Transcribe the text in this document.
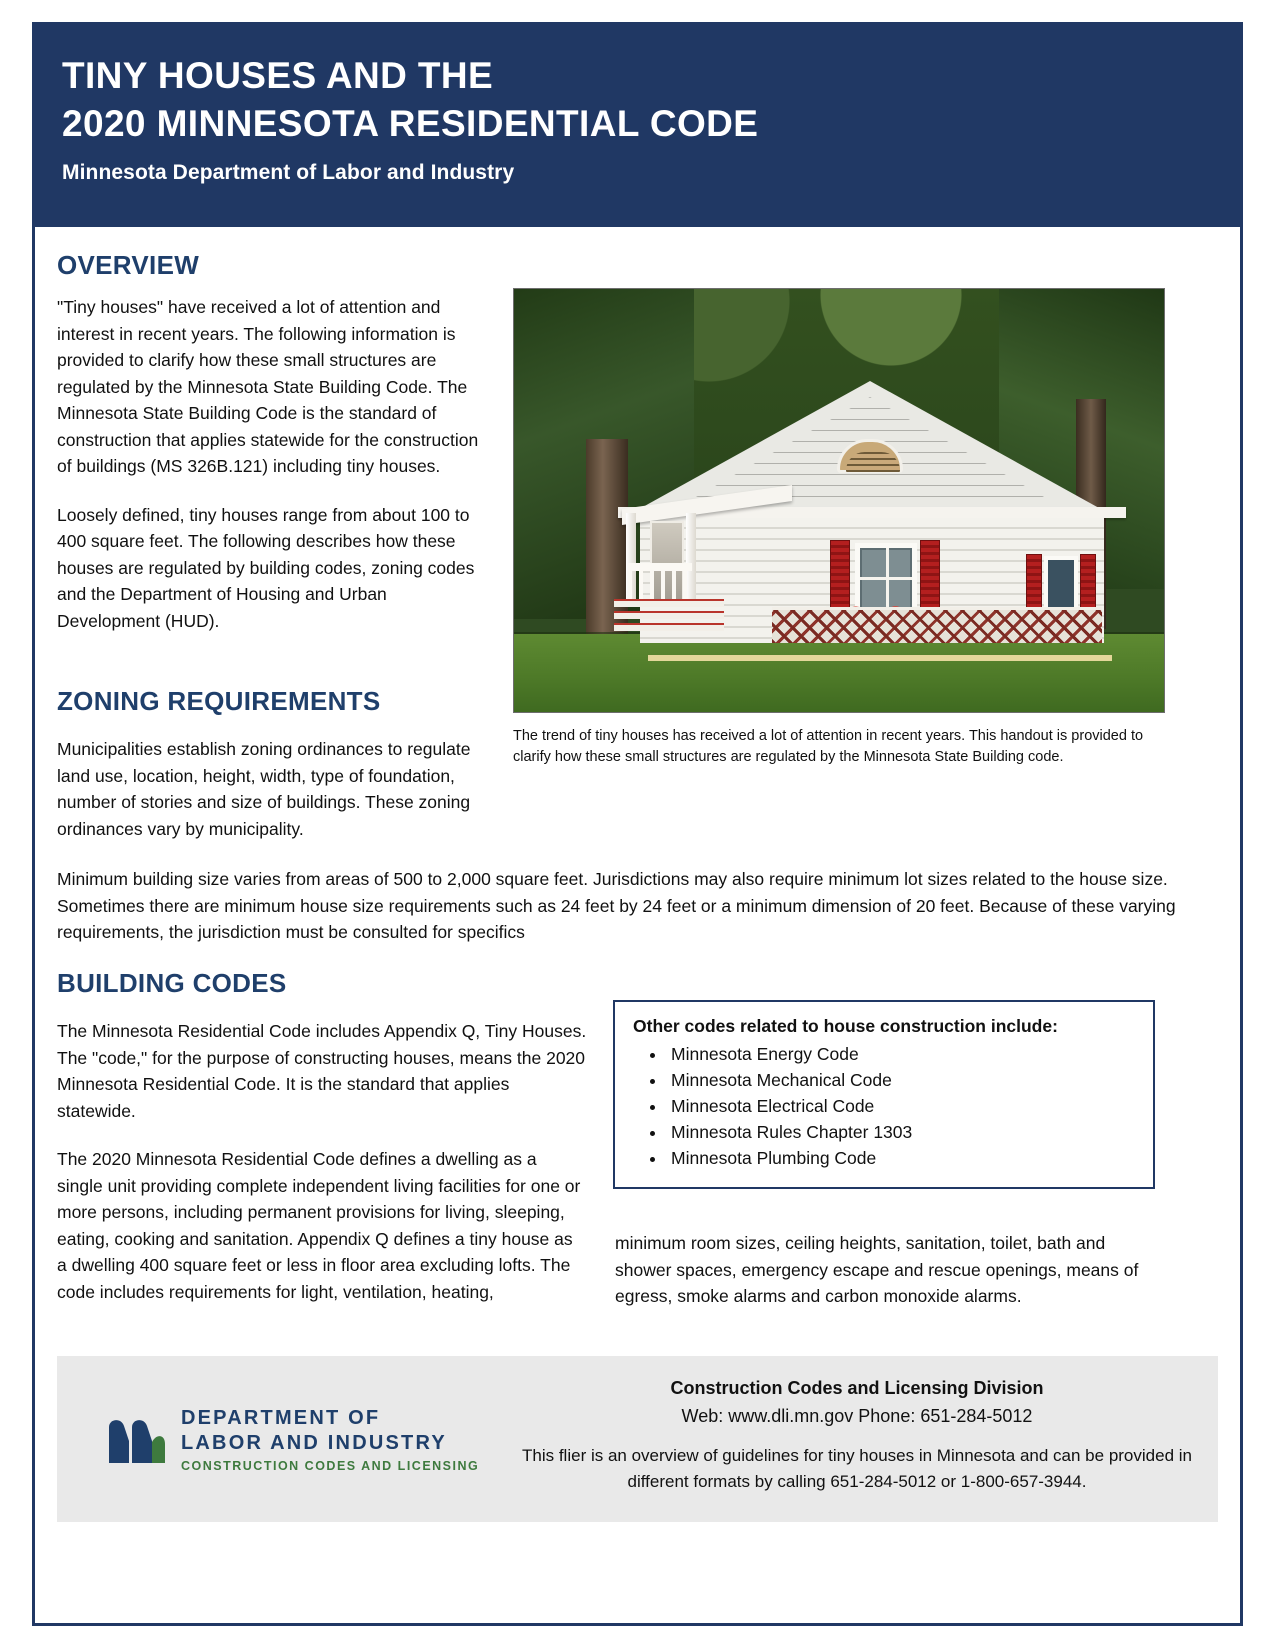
TINY HOUSES AND THE
2020 MINNESOTA RESIDENTIAL CODE
Minnesota Department of Labor and Industry
OVERVIEW

"Tiny houses" have received a lot of attention and interest in recent years. The following information is provided to clarify how these small structures are regulated by the Minnesota State Building Code. The Minnesota State Building Code is the standard of construction that applies statewide for the construction of buildings (MS 326B.121) including tiny houses.

Loosely defined, tiny houses range from about 100 to 400 square feet. The following describes how these houses are regulated by building codes, zoning codes and the Department of Housing and Urban Development (HUD).

The trend of tiny houses has received a lot of attention in recent years. This handout is provided to clarify how these small structures are regulated by the Minnesota State Building code.
ZONING REQUIREMENTS

Municipalities establish zoning ordinances to regulate land use, location, height, width, type of foundation, number of stories and size of buildings. These zoning ordinances vary by municipality.

Minimum building size varies from areas of 500 to 2,000 square feet. Jurisdictions may also require minimum lot sizes related to the house size. Sometimes there are minimum house size requirements such as 24 feet by 24 feet or a minimum dimension of 20 feet. Because of these varying requirements, the jurisdiction must be consulted for specifics

BUILDING CODES

The Minnesota Residential Code includes Appendix Q, Tiny Houses. The "code," for the purpose of constructing houses, means the 2020 Minnesota Residential Code. It is the standard that applies statewide.

The 2020 Minnesota Residential Code defines a dwelling as a single unit providing complete independent living facilities for one or more persons, including permanent provisions for living, sleeping, eating, cooking and sanitation. Appendix Q defines a tiny house as a dwelling 400 square feet or less in floor area excluding lofts. The code includes requirements for light, ventilation, heating,

Other codes related to house construction include:

• Minnesota Energy Code
• Minnesota Mechanical Code
• Minnesota Electrical Code
• Minnesota Rules Chapter 1303
• Minnesota Plumbing Code

minimum room sizes, ceiling heights, sanitation, toilet, bath and shower spaces, emergency escape and rescue openings, means of egress, smoke alarms and carbon monoxide alarms.

DEPARTMENT OF
LABOR AND INDUSTRY
CONSTRUCTION CODES AND LICENSING
Construction Codes and Licensing Division
Web: www.dli.mn.gov Phone: 651-284-5012
This flier is an overview of guidelines for tiny houses in Minnesota and can be provided in different formats by calling 651-284-5012 or 1-800-657-3944.
